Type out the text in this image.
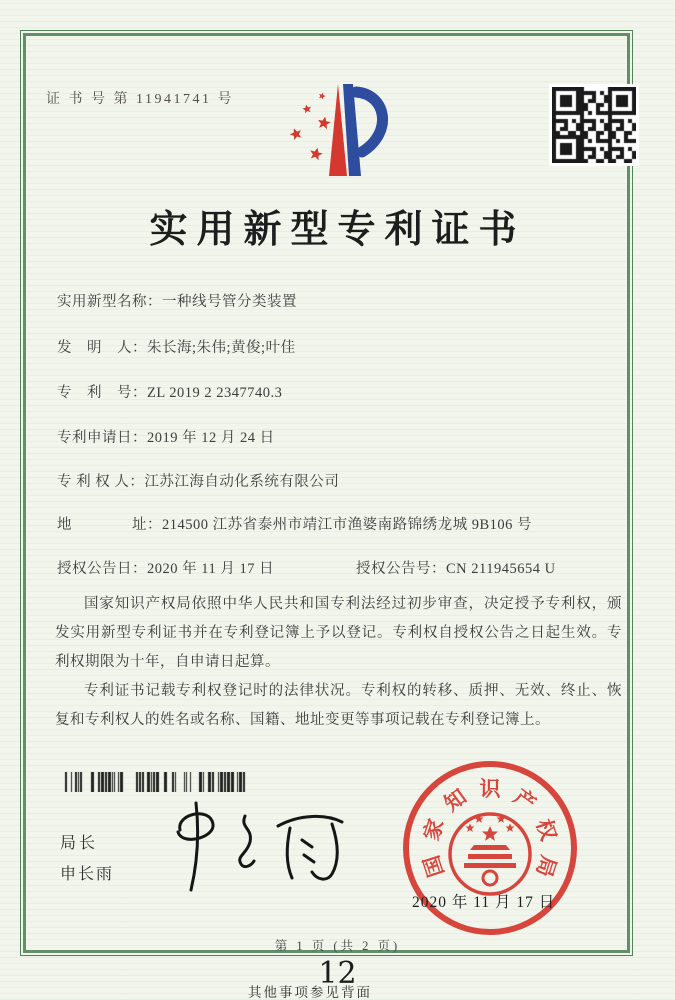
证 书 号 第 11941741 号
实用新型专利证书
实用新型名称：一种线号管分类装置
发　明　人：朱长海;朱伟;黄俊;叶佳
专　利　号：ZL 2019 2 2347740.3
专利申请日：2019 年 12 月 24 日
专 利 权 人：江苏江海自动化系统有限公司
地　　　　址：214500 江苏省泰州市靖江市渔婆南路锦绣龙城 9B106 号
授权公告日：2020 年 11 月 17 日	授权公告号：CN 211945654 U

国家知识产权局依照中华人民共和国专利法经过初步审查，决定授予专利权，颁发实用新型专利证书并在专利登记簿上予以登记。专利权自授权公告之日起生效。专利权期限为十年，自申请日起算。

专利证书记载专利权登记时的法律状况。专利权的转移、质押、无效、终止、恢复和专利权人的姓名或名称、国籍、地址变更等事项记载在专利登记簿上。

局长
申长雨	国
家
知 识 产
权
局
2020 年 11 月 17 日
第 1 页 (共 2 页)
12
其他事项参见背面
